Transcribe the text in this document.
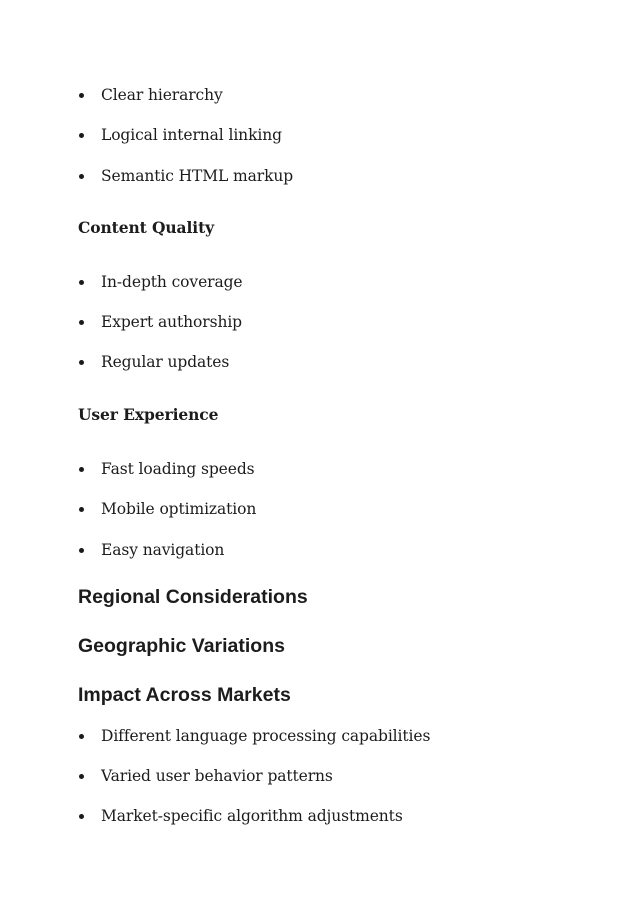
Clear hierarchy
Logical internal linking
Semantic HTML markup
Content Quality
In-depth coverage
Expert authorship
Regular updates
User Experience
Fast loading speeds
Mobile optimization
Easy navigation
Regional Considerations
Geographic Variations
Impact Across Markets
Different language processing capabilities
Varied user behavior patterns
Market-specific algorithm adjustments
